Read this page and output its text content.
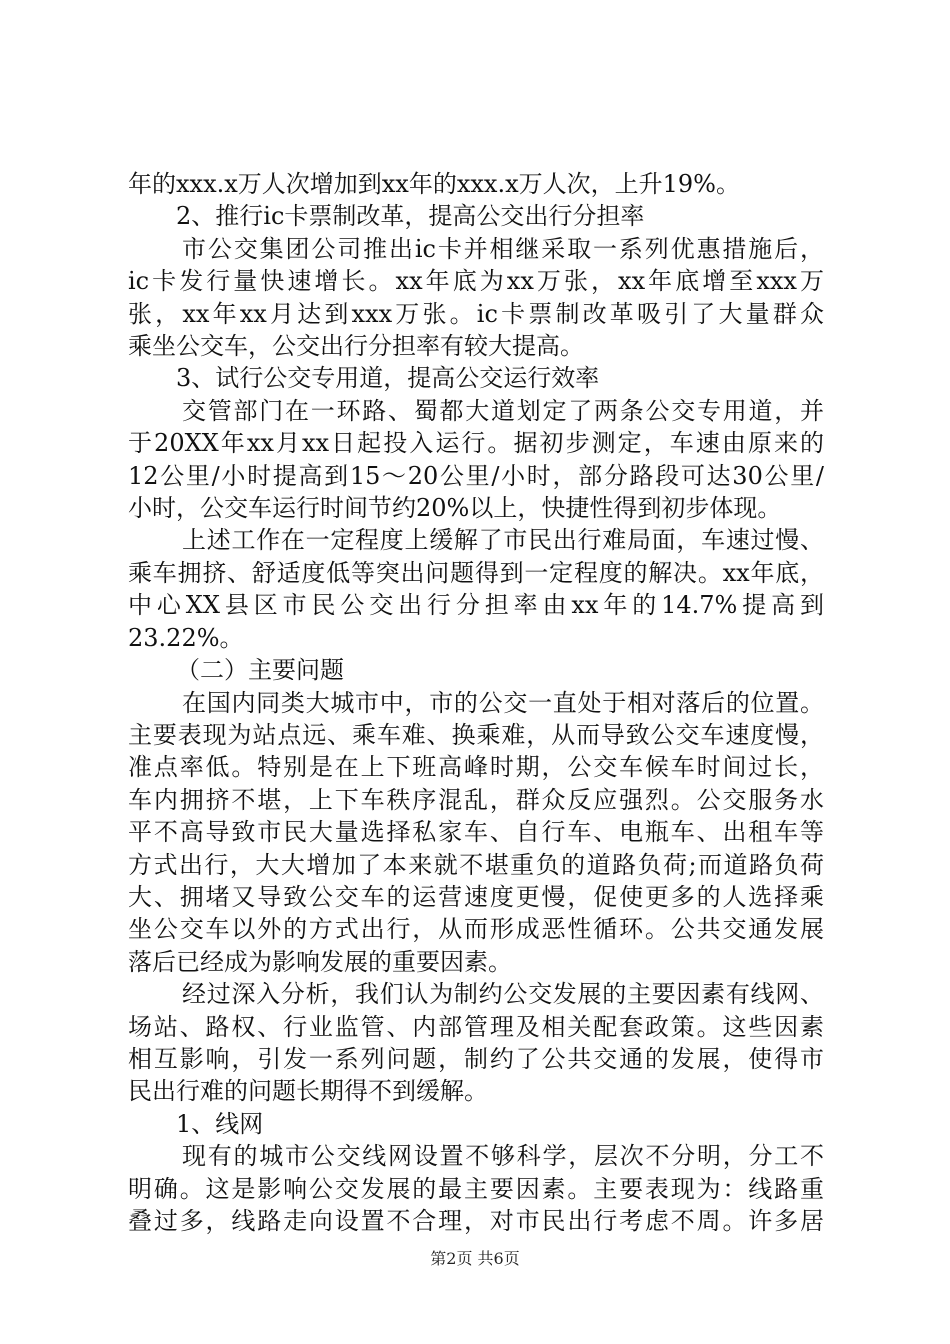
年的xxx.x万人次增加到xx年的xxx.x万人次，上升19%。

2、推行ic卡票制改革，提高公交出行分担率

市公交集团公司推出ic卡并相继采取一系列优惠措施后，

ic卡发行量快速增长。xx年底为xx万张，xx年底增至xxx万

张，xx年xx月达到xxx万张。ic卡票制改革吸引了大量群众

乘坐公交车，公交出行分担率有较大提高。

3、试行公交专用道，提高公交运行效率

交管部门在一环路、蜀都大道划定了两条公交专用道，并

于20XX年xx月xx日起投入运行。据初步测定，车速由原来的

12公里/小时提高到15～20公里/小时，部分路段可达30公里/

小时，公交车运行时间节约20%以上，快捷性得到初步体现。

上述工作在一定程度上缓解了市民出行难局面，车速过慢、

乘车拥挤、舒适度低等突出问题得到一定程度的解决。xx年底，

中心XX县区市民公交出行分担率由xx年的14.7%提高到

23.22%。

（二）主要问题

在国内同类大城市中，市的公交一直处于相对落后的位置。

主要表现为站点远、乘车难、换乘难，从而导致公交车速度慢，

准点率低。特别是在上下班高峰时期，公交车候车时间过长，

车内拥挤不堪，上下车秩序混乱，群众反应强烈。公交服务水

平不高导致市民大量选择私家车、自行车、电瓶车、出租车等

方式出行，大大增加了本来就不堪重负的道路负荷;而道路负荷

大、拥堵又导致公交车的运营速度更慢，促使更多的人选择乘

坐公交车以外的方式出行，从而形成恶性循环。公共交通发展

落后已经成为影响发展的重要因素。

经过深入分析，我们认为制约公交发展的主要因素有线网、

场站、路权、行业监管、内部管理及相关配套政策。这些因素

相互影响，引发一系列问题，制约了公共交通的发展，使得市

民出行难的问题长期得不到缓解。

1、线网

现有的城市公交线网设置不够科学，层次不分明，分工不

明确。这是影响公交发展的最主要因素。主要表现为：线路重

叠过多，线路走向设置不合理，对市民出行考虑不周。许多居

第2页 共6页
